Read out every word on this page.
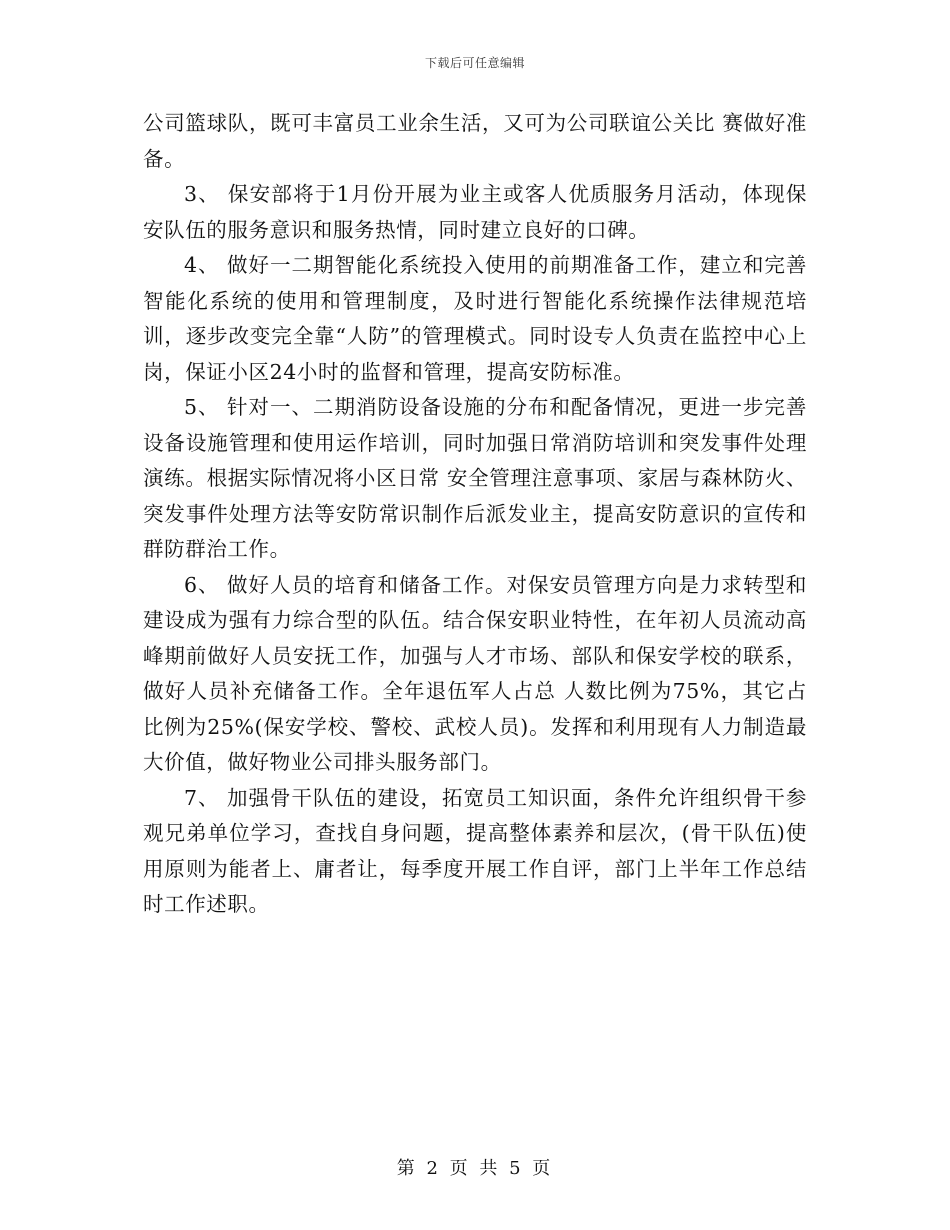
下载后可任意编辑

公司篮球队，既可丰富员工业余生活，又可为公司联谊公关比 赛做好准备。

3、 保安部将于1月份开展为业主或客人优质服务月活动，体现保安队伍的服务意识和服务热情，同时建立良好的口碑。

4、 做好一二期智能化系统投入使用的前期准备工作，建立和完善智能化系统的使用和管理制度，及时进行智能化系统操作法律规范培训，逐步改变完全靠“人防”的管理模式。同时设专人负责在监控中心上岗，保证小区24小时的监督和管理，提高安防标准。

5、 针对一、二期消防设备设施的分布和配备情况，更进一步完善设备设施管理和使用运作培训，同时加强日常消防培训和突发事件处理演练。根据实际情况将小区日常 安全管理注意事项、家居与森林防火、突发事件处理方法等安防常识制作后派发业主，提高安防意识的宣传和群防群治工作。

6、 做好人员的培育和储备工作。对保安员管理方向是力求转型和建设成为强有力综合型的队伍。结合保安职业特性，在年初人员流动高峰期前做好人员安抚工作，加强与人才市场、部队和保安学校的联系，做好人员补充储备工作。全年退伍军人占总 人数比例为75%，其它占比例为25%(保安学校、警校、武校人员)。发挥和利用现有人力制造最大价值，做好物业公司排头服务部门。

7、 加强骨干队伍的建设，拓宽员工知识面，条件允许组织骨干参观兄弟单位学习，查找自身问题，提高整体素养和层次，(骨干队伍)使用原则为能者上、庸者让，每季度开展工作自评，部门上半年工作总结时工作述职。

第 2 页 共 5 页
